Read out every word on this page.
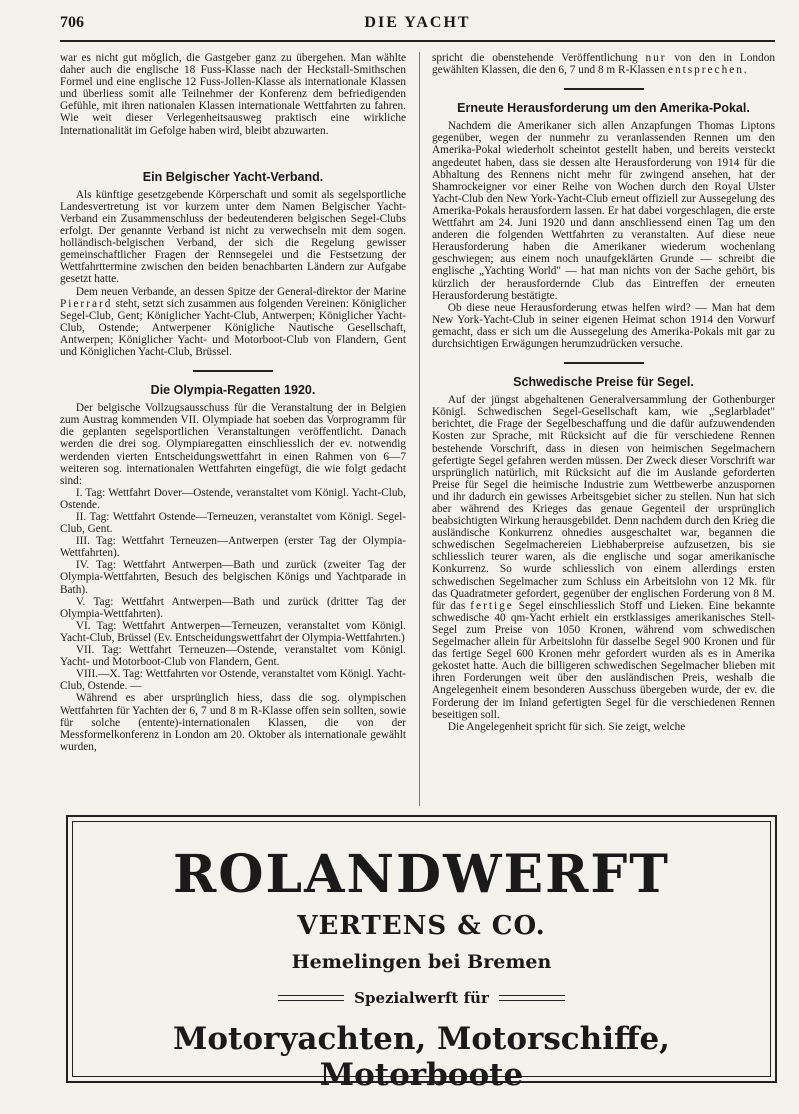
706	DIE YACHT

war es nicht gut möglich, die Gastgeber ganz zu übergehen. Man wählte daher auch die englische 18 Fuss-Klasse nach der Heckstall-Smithschen Formel und eine englische 12 Fuss-Jollen-Klasse als internationale Klassen und überliess somit alle Teilnehmer der Konferenz dem befriedigenden Gefühle, mit ihren nationalen Klassen internationale Wettfahrten zu fahren. Wie weit dieser Verlegenheitsausweg praktisch eine wirkliche Internationalität im Gefolge haben wird, bleibt abzuwarten.

Ein Belgischer Yacht-Verband.

Als künftige gesetzgebende Körperschaft und somit als segelsportliche Landesvertretung ist vor kurzem unter dem Namen Belgischer Yacht-Verband ein Zusammenschluss der bedeutenderen belgischen Segel-Clubs erfolgt. Der genannte Verband ist nicht zu verwechseln mit dem sogen. holländisch-belgischen Verband, der sich die Regelung gewisser gemeinschaftlicher Fragen der Rennsegelei und die Festsetzung der Wettfahrttermine zwischen den beiden benachbarten Ländern zur Aufgabe gesetzt hatte.

Dem neuen Verbande, an dessen Spitze der General-direktor der Marine Pierrard steht, setzt sich zusammen aus folgenden Vereinen: Königlicher Segel-Club, Gent; Königlicher Yacht-Club, Antwerpen; Königlicher Yacht-Club, Ostende; Antwerpener Königliche Nautische Gesellschaft, Antwerpen; Königlicher Yacht- und Motorboot-Club von Flandern, Gent und Königlichen Yacht-Club, Brüssel.

Die Olympia-Regatten 1920.

Der belgische Vollzugsausschuss für die Veranstaltung der in Belgien zum Austrag kommenden VII. Olympiade hat soeben das Vorprogramm für die geplanten segelsportlichen Veranstaltungen veröffentlicht. Danach werden die drei sog. Olympiaregatten einschliesslich der ev. notwendig werdenden vierten Entscheidungswettfahrt in einen Rahmen von 6—7 weiteren sog. internationalen Wettfahrten eingefügt, die wie folgt gedacht sind:

I. Tag: Wettfahrt Dover—Ostende, veranstaltet vom Königl. Yacht-Club, Ostende.

II. Tag: Wettfahrt Ostende—Terneuzen, veranstaltet vom Königl. Segel-Club, Gent.

III. Tag: Wettfahrt Terneuzen—Antwerpen (erster Tag der Olympia-Wettfahrten).

IV. Tag: Wettfahrt Antwerpen—Bath und zurück (zweiter Tag der Olympia-Wettfahrten, Besuch des belgischen Königs und Yachtparade in Bath).

V. Tag: Wettfahrt Antwerpen—Bath und zurück (dritter Tag der Olympia-Wettfahrten).

VI. Tag: Wettfahrt Antwerpen—Terneuzen, veranstaltet vom Königl. Yacht-Club, Brüssel (Ev. Entscheidungswettfahrt der Olympia-Wettfahrten.)

VII. Tag: Wettfahrt Terneuzen—Ostende, veranstaltet vom Königl. Yacht- und Motorboot-Club von Flandern, Gent.

VIII.—X. Tag: Wettfahrten vor Ostende, veranstaltet vom Königl. Yacht-Club, Ostende. —

Während es aber ursprünglich hiess, dass die sog. olympischen Wettfahrten für Yachten der 6, 7 und 8 m R-Klasse offen sein sollten, sowie für solche (entente)-internationalen Klassen, die von der Messformelkonferenz in London am 20. Oktober als internationale gewählt wurden,

spricht die obenstehende Veröffentlichung nur von den in London gewählten Klassen, die den 6, 7 und 8 m R-Klassen entsprechen.

Erneute Herausforderung um den Amerika-Pokal.

Nachdem die Amerikaner sich allen Anzapfungen Thomas Liptons gegenüber, wegen der nunmehr zu veranlassenden Rennen um den Amerika-Pokal wiederholt scheintot gestellt haben, und bereits versteckt angedeutet haben, dass sie dessen alte Herausforderung von 1914 für die Abhaltung des Rennens nicht mehr für zwingend ansehen, hat der Shamrockeigner vor einer Reihe von Wochen durch den Royal Ulster Yacht-Club den New York-Yacht-Club erneut offiziell zur Aussegelung des Amerika-Pokals herausfordern lassen. Er hat dabei vorgeschlagen, die erste Wettfahrt am 24. Juni 1920 und dann anschliessend einen Tag um den anderen die folgenden Wettfahrten zu veranstalten. Auf diese neue Herausforderung haben die Amerikaner wiederum wochenlang geschwiegen; aus einem noch unaufgeklärten Grunde — schreibt die englische „Yachting World" — hat man nichts von der Sache gehört, bis kürzlich der herausfordernde Club das Eintreffen der erneuten Herausforderung bestätigte.

Ob diese neue Herausforderung etwas helfen wird? — Man hat dem New York-Yacht-Club in seiner eigenen Heimat schon 1914 den Vorwurf gemacht, dass er sich um die Aussegelung des Amerika-Pokals mit gar zu durchsichtigen Erwägungen herumzudrücken versuche.

Schwedische Preise für Segel.

Auf der jüngst abgehaltenen Generalversammlung der Gothenburger Königl. Schwedischen Segel-Gesellschaft kam, wie „Seglarbladet" berichtet, die Frage der Segelbeschaffung und die dafür aufzuwendenden Kosten zur Sprache, mit Rücksicht auf die für verschiedene Rennen bestehende Vorschrift, dass in diesen von heimischen Segelmachern gefertigte Segel gefahren werden müssen. Der Zweck dieser Vorschrift war ursprünglich natürlich, mit Rücksicht auf die im Auslande geforderten Preise für Segel die heimische Industrie zum Wettbewerbe anzuspornen und ihr dadurch ein gewisses Arbeitsgebiet sicher zu stellen. Nun hat sich aber während des Krieges das genaue Gegenteil der ursprünglich beabsichtigten Wirkung herausgebildet. Denn nachdem durch den Krieg die ausländische Konkurrenz ohnedies ausgeschaltet war, begannen die schwedischen Segelmachereien Liebhaberpreise aufzusetzen, bis sie schliesslich teurer waren, als die englische und sogar amerikanische Konkurrenz. So wurde schliesslich von einem allerdings ersten schwedischen Segelmacher zum Schluss ein Arbeitslohn von 12 Mk. für das Quadratmeter gefordert, gegenüber der englischen Forderung von 8 M. für das fertige Segel einschliesslich Stoff und Lieken. Eine bekannte schwedische 40 qm-Yacht erhielt ein erstklassiges amerikanisches Stell-Segel zum Preise von 1050 Kronen, während vom schwedischen Segelmacher allein für Arbeitslohn für dasselbe Segel 900 Kronen und für das fertige Segel 600 Kronen mehr gefordert wurden als es in Amerika gekostet hatte. Auch die billigeren schwedischen Segelmacher blieben mit ihren Forderungen weit über den ausländischen Preis, weshalb die Angelegenheit einem besonderen Ausschuss übergeben wurde, der ev. die Forderung der im Inland gefertigten Segel für die verschiedenen Rennen beseitigen soll.

Die Angelegenheit spricht für sich. Sie zeigt, welche

ROLANDWERFT
VERTENS & CO.
Hemelingen bei Bremen
Spezialwerft für
Motoryachten, Motorschiffe, Motorboote
